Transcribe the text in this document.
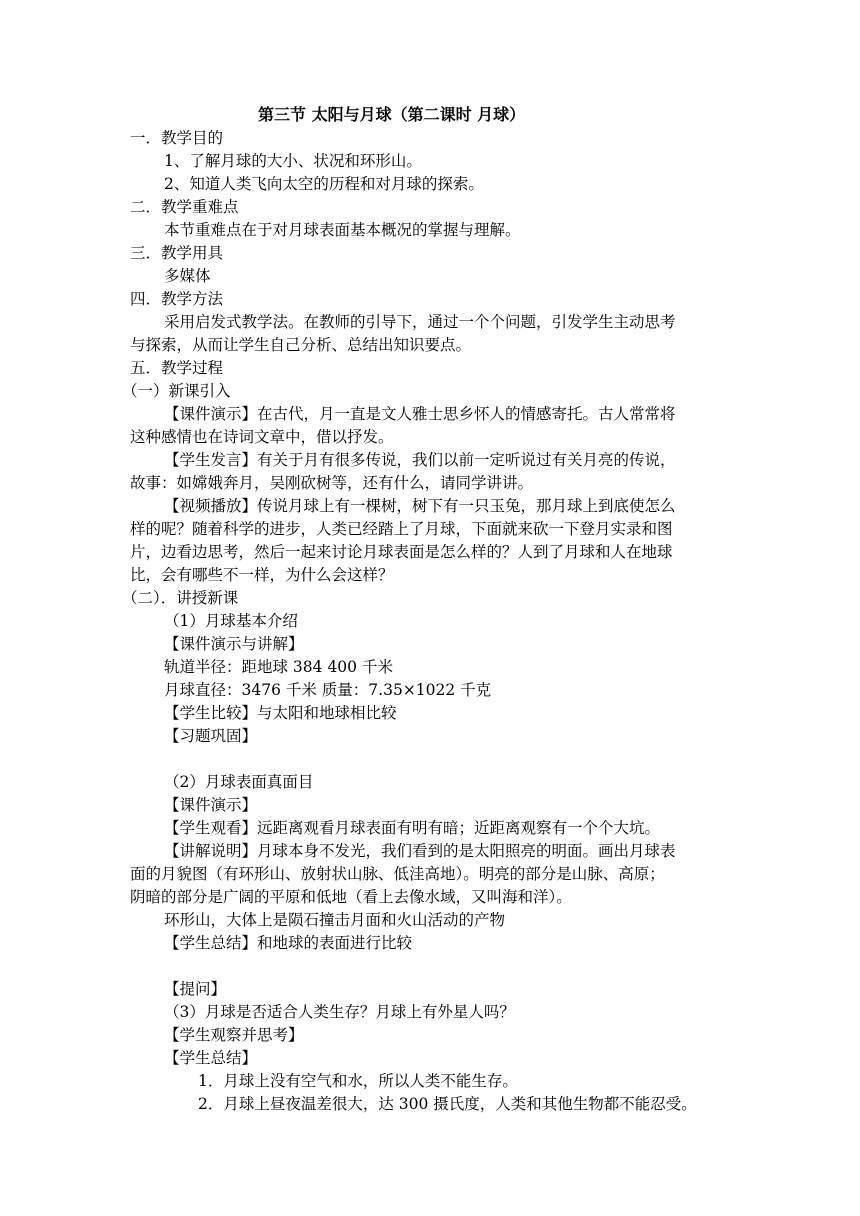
第三节 太阳与月球（第二课时 月球）
一．教学目的
1、了解月球的大小、状况和环形山。
2、知道人类飞向太空的历程和对月球的探索。
二．教学重难点
本节重难点在于对月球表面基本概况的掌握与理解。
三．教学用具
多媒体
四．教学方法
采用启发式教学法。在教师的引导下，通过一个个问题，引发学生主动思考
与探索，从而让学生自己分析、总结出知识要点。
五．教学过程
（一）新课引入
【课件演示】在古代，月一直是文人雅士思乡怀人的情感寄托。古人常常将
这种感情也在诗词文章中，借以抒发。
【学生发言】有关于月有很多传说，我们以前一定听说过有关月亮的传说，
故事：如嫦娥奔月，吴刚砍树等，还有什么，请同学讲讲。
【视频播放】传说月球上有一棵树，树下有一只玉兔，那月球上到底使怎么
样的呢？随着科学的进步，人类已经踏上了月球，下面就来砍一下登月实录和图
片，边看边思考，然后一起来讨论月球表面是怎么样的？人到了月球和人在地球
比，会有哪些不一样，为什么会这样？
（二）．讲授新课
（1）月球基本介绍
【课件演示与讲解】
轨道半径：距地球 384 400 千米
月球直径：3476 千米 质量：7.35×1022 千克
【学生比较】与太阳和地球相比较
【习题巩固】
（2）月球表面真面目
【课件演示】
【学生观看】远距离观看月球表面有明有暗；近距离观察有一个个大坑。
【讲解说明】月球本身不发光，我们看到的是太阳照亮的明面。画出月球表
面的月貌图（有环形山、放射状山脉、低洼高地）。明亮的部分是山脉、高原；
阴暗的部分是广阔的平原和低地（看上去像水域，又叫海和洋）。
环形山，大体上是陨石撞击月面和火山活动的产物
【学生总结】和地球的表面进行比较
【提问】
（3）月球是否适合人类生存？月球上有外星人吗？
【学生观察并思考】
【学生总结】
1．月球上没有空气和水，所以人类不能生存。
2．月球上昼夜温差很大，达 300 摄氏度，人类和其他生物都不能忍受。
